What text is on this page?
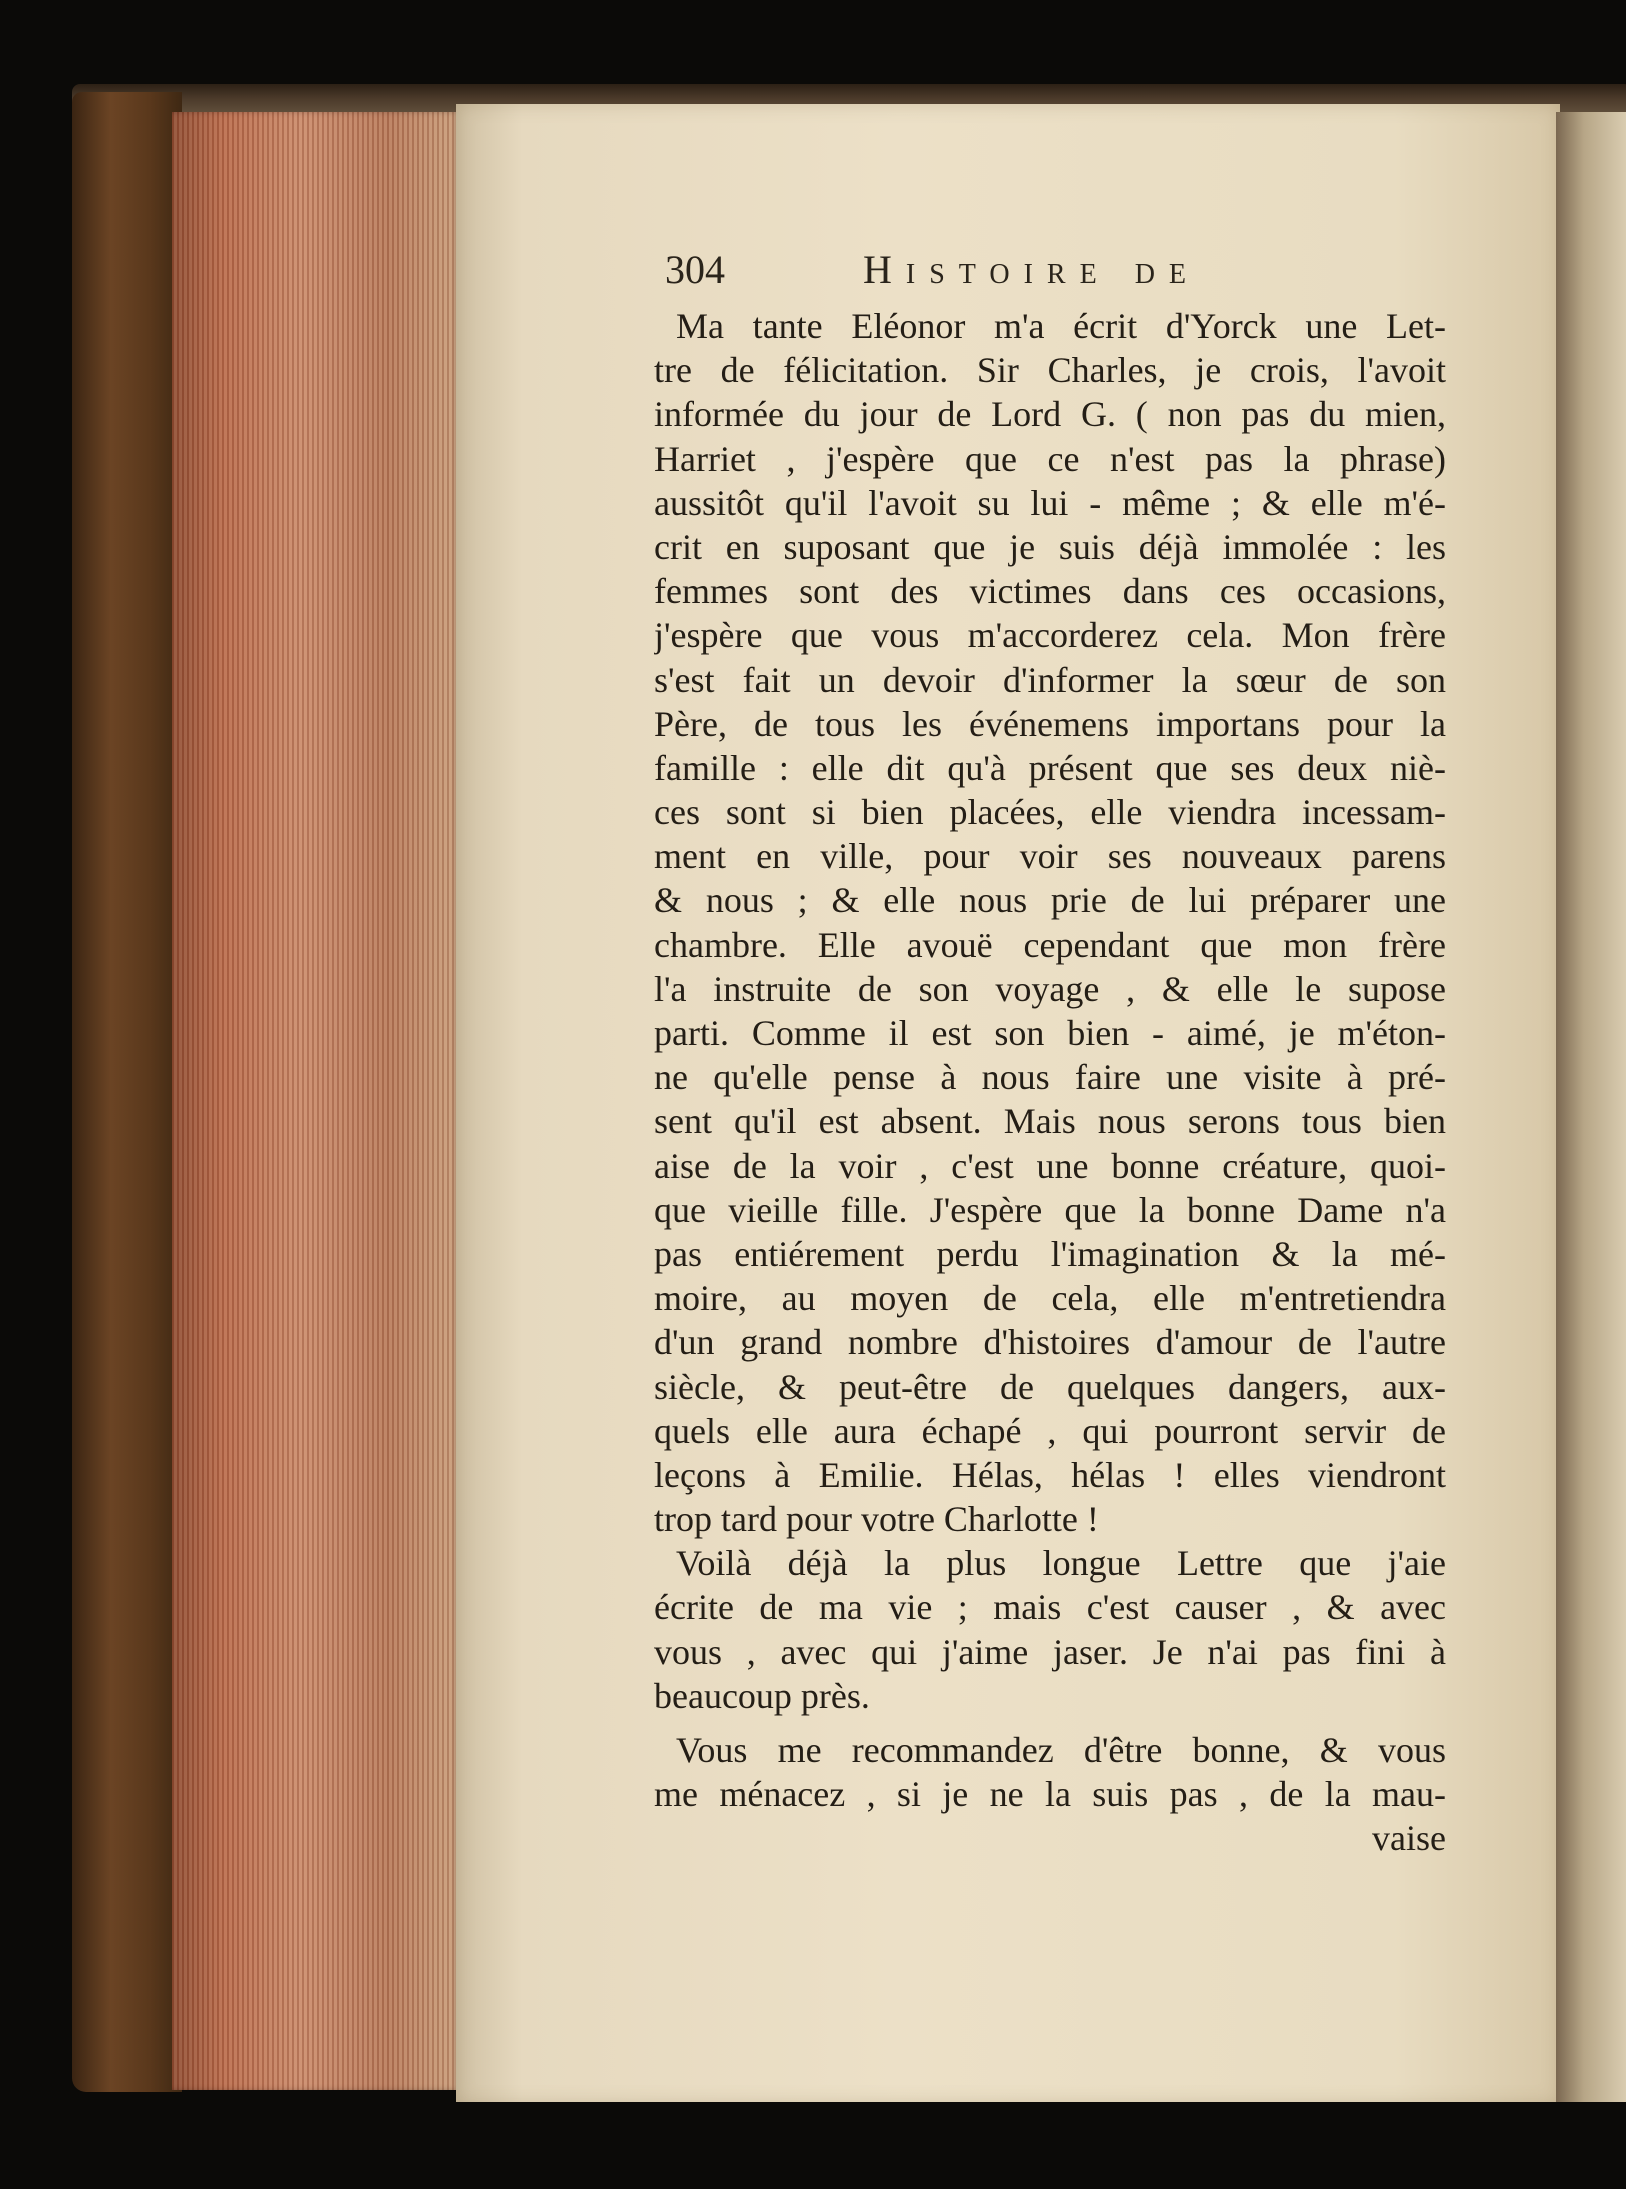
304	Histoire de
Ma tante Eléonor m'a écrit d'Yorck une Let-
tre de félicitation. Sir Charles, je crois, l'avoit
informée du jour de Lord G. ( non pas du mien,
Harriet , j'espère que ce n'est pas la phrase)
aussitôt qu'il l'avoit su lui - même ; & elle m'é-
crit en suposant que je suis déjà immolée : les
femmes sont des victimes dans ces occasions,
j'espère que vous m'accorderez cela. Mon frère
s'est fait un devoir d'informer la sœur de son
Père, de tous les événemens importans pour la
famille : elle dit qu'à présent que ses deux niè-
ces sont si bien placées, elle viendra incessam-
ment en ville, pour voir ses nouveaux parens
& nous ; & elle nous prie de lui préparer une
chambre. Elle avouë cependant que mon frère
l'a instruite de son voyage , & elle le supose
parti. Comme il est son bien - aimé, je m'éton-
ne qu'elle pense à nous faire une visite à pré-
sent qu'il est absent. Mais nous serons tous bien
aise de la voir , c'est une bonne créature, quoi-
que vieille fille. J'espère que la bonne Dame n'a
pas entiérement perdu l'imagination & la mé-
moire, au moyen de cela, elle m'entretiendra
d'un grand nombre d'histoires d'amour de l'autre
siècle, & peut-être de quelques dangers, aux-
quels elle aura échapé , qui pourront servir de
leçons à Emilie. Hélas, hélas ! elles viendront
trop tard pour votre Charlotte !
Voilà déjà la plus longue Lettre que j'aie
écrite de ma vie ; mais c'est causer , & avec
vous , avec qui j'aime jaser. Je n'ai pas fini à
beaucoup près.
Vous me recommandez d'être bonne, & vous
me ménacez , si je ne la suis pas , de la mau-
vaise
